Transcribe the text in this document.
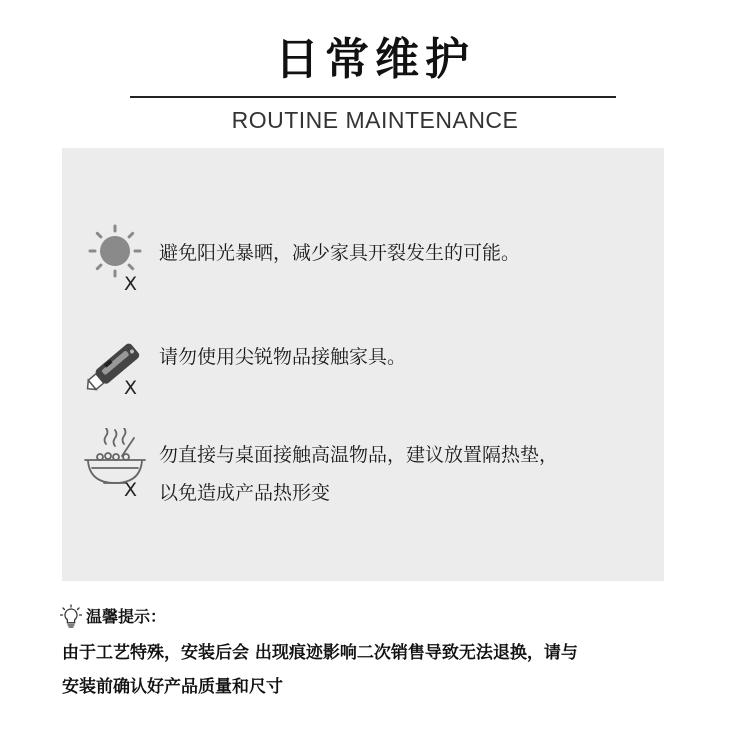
日常维护
ROUTINE MAINTENANCE
X
避免阳光暴晒，减少家具开裂发生的可能。
X
请勿使用尖锐物品接触家具。
X
勿直接与桌面接触高温物品，建议放置隔热垫，
以免造成产品热形变
温馨提示：
由于工艺特殊，安装后会 出现痕迹影响二次销售导致无法退换，请与
安装前确认好产品质量和尺寸
